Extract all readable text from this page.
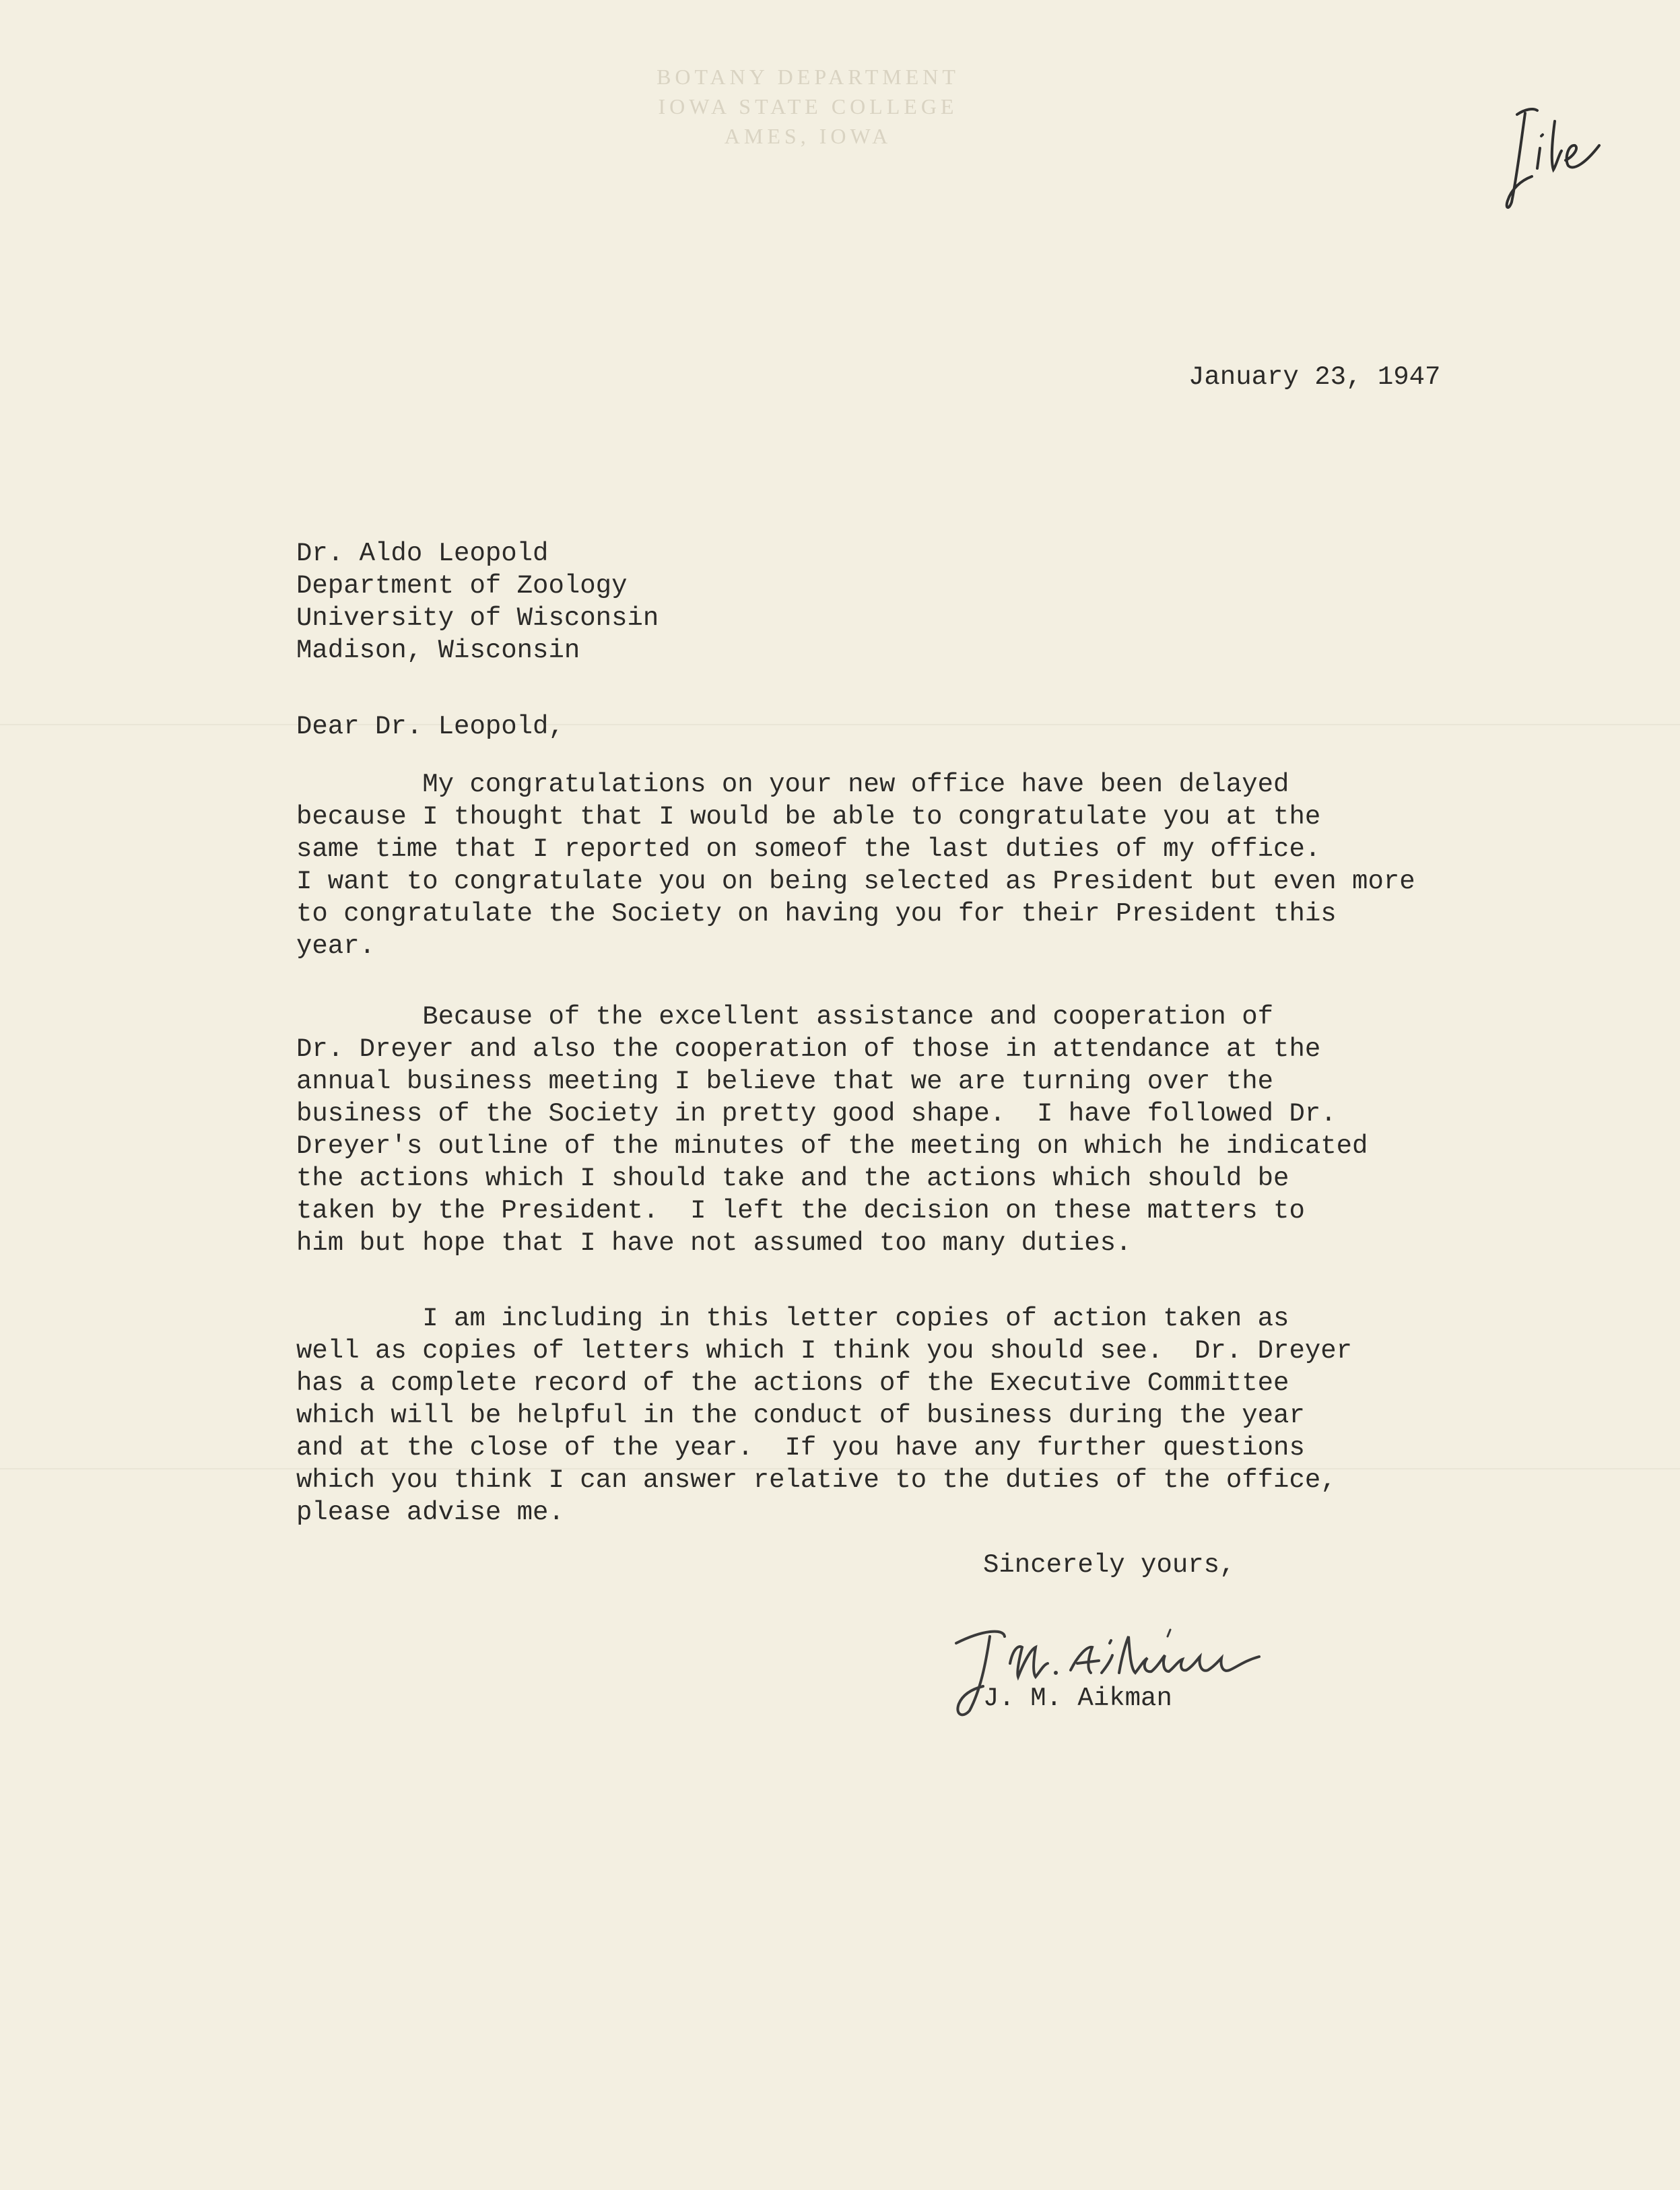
BOTANY DEPARTMENT
IOWA STATE COLLEGE
AMES, IOWA
January 23, 1947
Dr. Aldo Leopold
Department of Zoology
University of Wisconsin
Madison, Wisconsin
Dear Dr. Leopold,
My congratulations on your new office have been delayed
because I thought that I would be able to congratulate you at the
same time that I reported on someof the last duties of my office.
I want to congratulate you on being selected as President but even more
to congratulate the Society on having you for their President this
year.
Because of the excellent assistance and cooperation of
Dr. Dreyer and also the cooperation of those in attendance at the
annual business meeting I believe that we are turning over the
business of the Society in pretty good shape.  I have followed Dr.
Dreyer's outline of the minutes of the meeting on which he indicated
the actions which I should take and the actions which should be
taken by the President.  I left the decision on these matters to
him but hope that I have not assumed too many duties.
I am including in this letter copies of action taken as
well as copies of letters which I think you should see.  Dr. Dreyer
has a complete record of the actions of the Executive Committee
which will be helpful in the conduct of business during the year
and at the close of the year.  If you have any further questions
which you think I can answer relative to the duties of the office,
please advise me.
Sincerely yours,
J. M. Aikman
